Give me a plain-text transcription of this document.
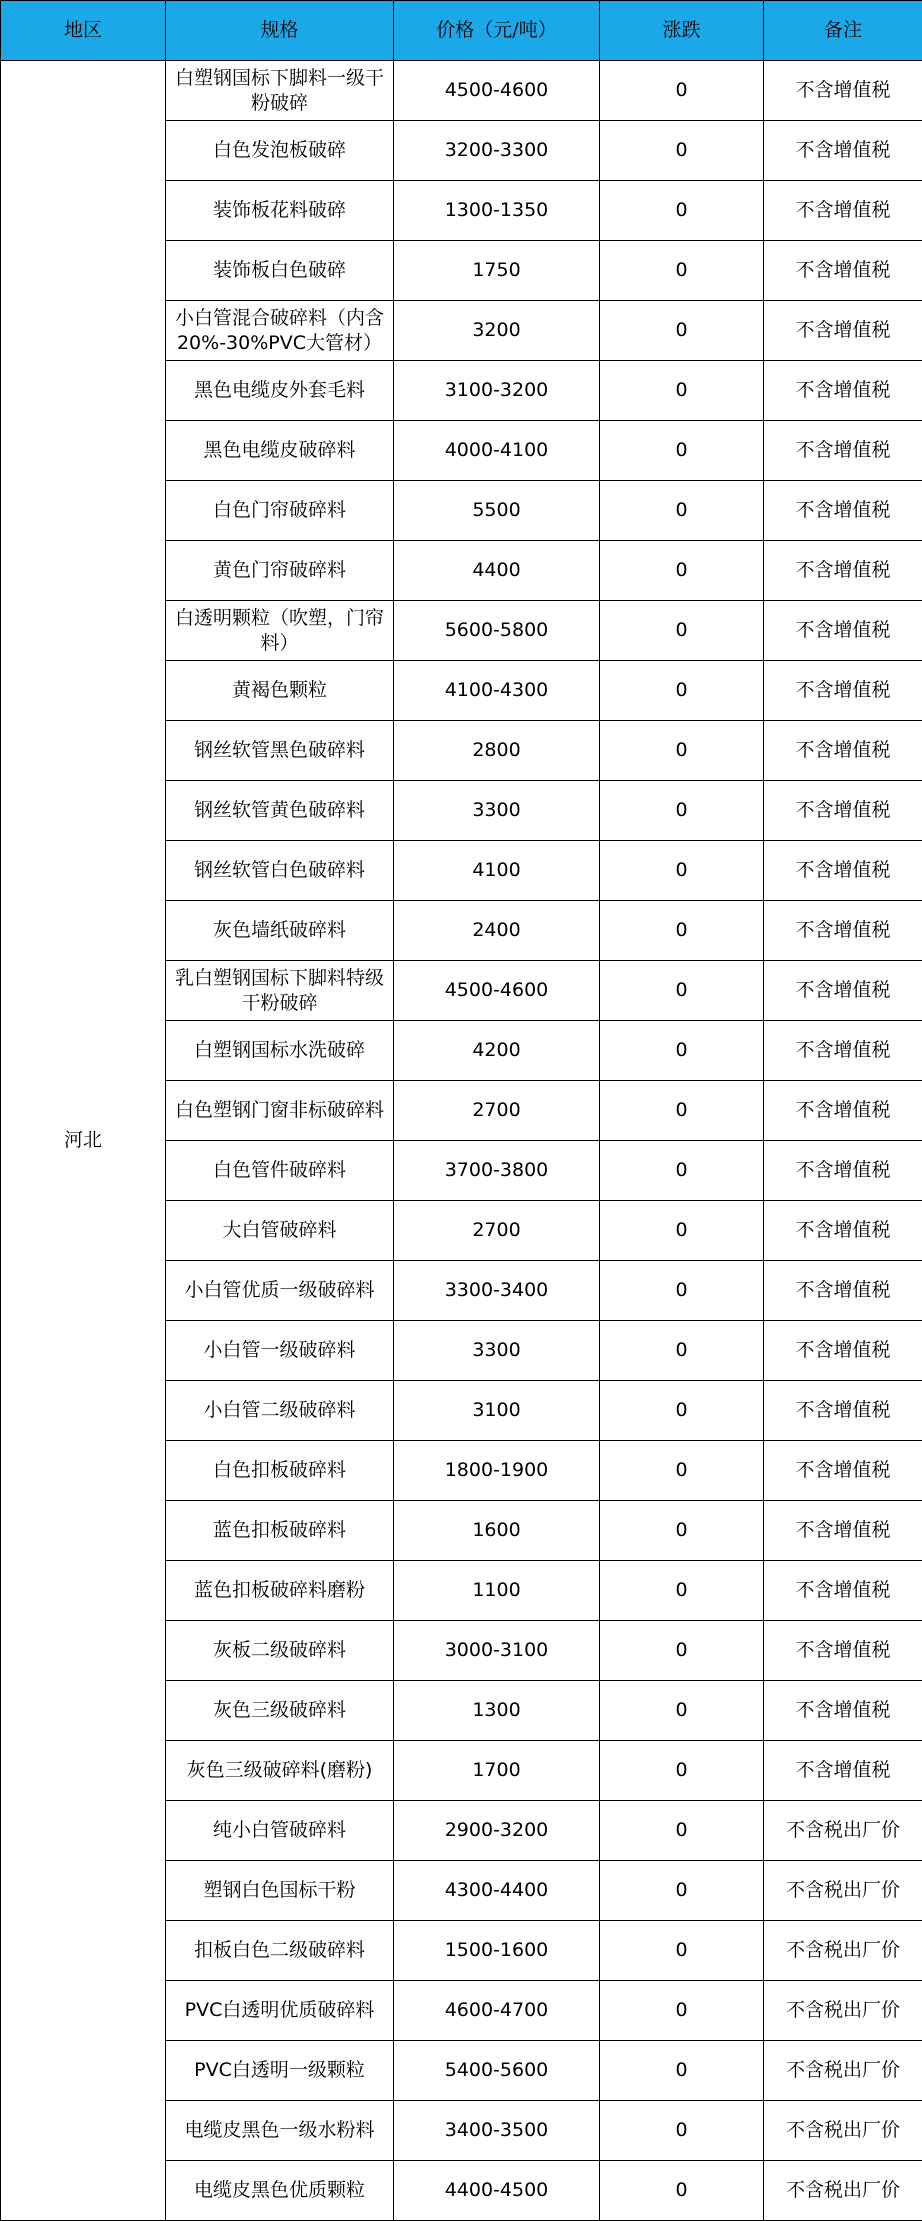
地区	规格	价格（元/吨）	涨跌	备注
河北	白塑钢国标下脚料一级干粉破碎	4500-4600	0	不含增值税

	白色发泡板破碎	3200-3300	0	不含增值税

	装饰板花料破碎	1300-1350	0	不含增值税

	装饰板白色破碎	1750	0	不含增值税

	小白管混合破碎料（内含20%-30%PVC大管材）	3200	0	不含增值税

	黑色电缆皮外套毛料	3100-3200	0	不含增值税

	黑色电缆皮破碎料	4000-4100	0	不含增值税

	白色门帘破碎料	5500	0	不含增值税

	黄色门帘破碎料	4400	0	不含增值税

	白透明颗粒（吹塑，门帘料）	5600-5800	0	不含增值税

	黄褐色颗粒	4100-4300	0	不含增值税

	钢丝软管黑色破碎料	2800	0	不含增值税

	钢丝软管黄色破碎料	3300	0	不含增值税

	钢丝软管白色破碎料	4100	0	不含增值税

	灰色墙纸破碎料	2400	0	不含增值税

	乳白塑钢国标下脚料特级干粉破碎	4500-4600	0	不含增值税

	白塑钢国标水洗破碎	4200	0	不含增值税

	白色塑钢门窗非标破碎料	2700	0	不含增值税

	白色管件破碎料	3700-3800	0	不含增值税

	大白管破碎料	2700	0	不含增值税

	小白管优质一级破碎料	3300-3400	0	不含增值税

	小白管一级破碎料	3300	0	不含增值税

	小白管二级破碎料	3100	0	不含增值税

	白色扣板破碎料	1800-1900	0	不含增值税

	蓝色扣板破碎料	1600	0	不含增值税

	蓝色扣板破碎料磨粉	1100	0	不含增值税

	灰板二级破碎料	3000-3100	0	不含增值税

	灰色三级破碎料	1300	0	不含增值税

	灰色三级破碎料(磨粉)	1700	0	不含增值税

	纯小白管破碎料	2900-3200	0	不含税出厂价

	塑钢白色国标干粉	4300-4400	0	不含税出厂价

	扣板白色二级破碎料	1500-1600	0	不含税出厂价

	PVC白透明优质破碎料	4600-4700	0	不含税出厂价

	PVC白透明一级颗粒	5400-5600	0	不含税出厂价

	电缆皮黑色一级水粉料	3400-3500	0	不含税出厂价

	电缆皮黑色优质颗粒	4400-4500	0	不含税出厂价
